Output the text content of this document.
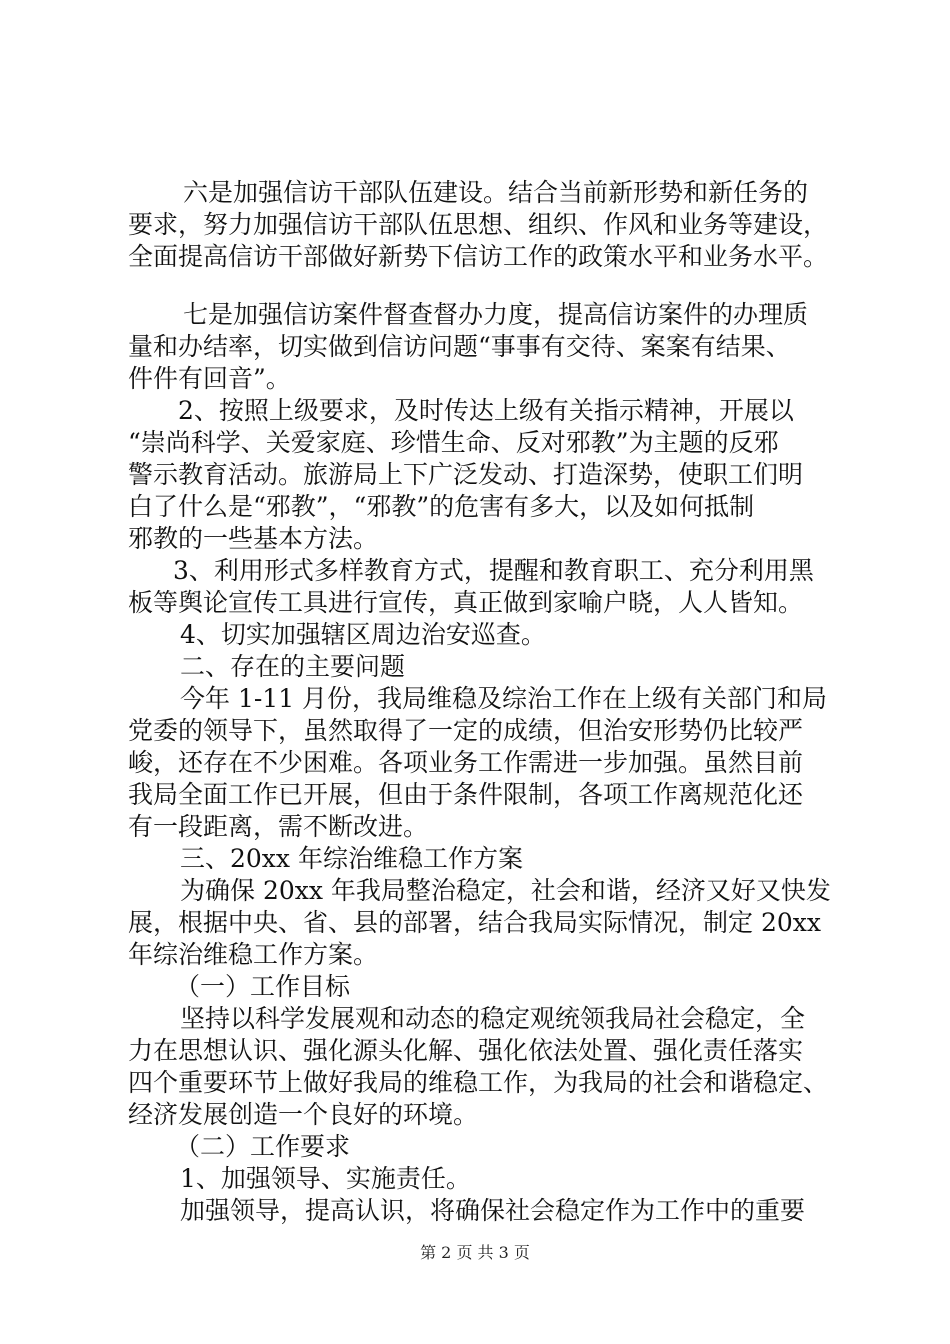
六是加强信访干部队伍建设。结合当前新形势和新任务的
要求，努力加强信访干部队伍思想、组织、作风和业务等建设，
全面提高信访干部做好新势下信访工作的政策水平和业务水平。
七是加强信访案件督查督办力度，提高信访案件的办理质
量和办结率，切实做到信访问题“事事有交待、案案有结果、
件件有回音”。
2、按照上级要求，及时传达上级有关指示精神，开展以
“崇尚科学、关爱家庭、珍惜生命、反对邪教”为主题的反邪
警示教育活动。旅游局上下广泛发动、打造深势，使职工们明
白了什么是“邪教”，“邪教”的危害有多大，以及如何抵制
邪教的一些基本方法。
3、利用形式多样教育方式，提醒和教育职工、充分利用黑
板等舆论宣传工具进行宣传，真正做到家喻户晓，人人皆知。
4、切实加强辖区周边治安巡查。
二、存在的主要问题
今年 1-11 月份，我局维稳及综治工作在上级有关部门和局
党委的领导下，虽然取得了一定的成绩，但治安形势仍比较严
峻，还存在不少困难。各项业务工作需进一步加强。虽然目前
我局全面工作已开展，但由于条件限制，各项工作离规范化还
有一段距离，需不断改进。
三、20xx 年综治维稳工作方案
为确保 20xx 年我局整治稳定，社会和谐，经济又好又快发
展，根据中央、省、县的部署，结合我局实际情况，制定 20xx
年综治维稳工作方案。
（一）工作目标
坚持以科学发展观和动态的稳定观统领我局社会稳定，全
力在思想认识、强化源头化解、强化依法处置、强化责任落实
四个重要环节上做好我局的维稳工作，为我局的社会和谐稳定、
经济发展创造一个良好的环境。
（二）工作要求
1、加强领导、实施责任。
加强领导，提高认识，将确保社会稳定作为工作中的重要
第 2 页 共 3 页
